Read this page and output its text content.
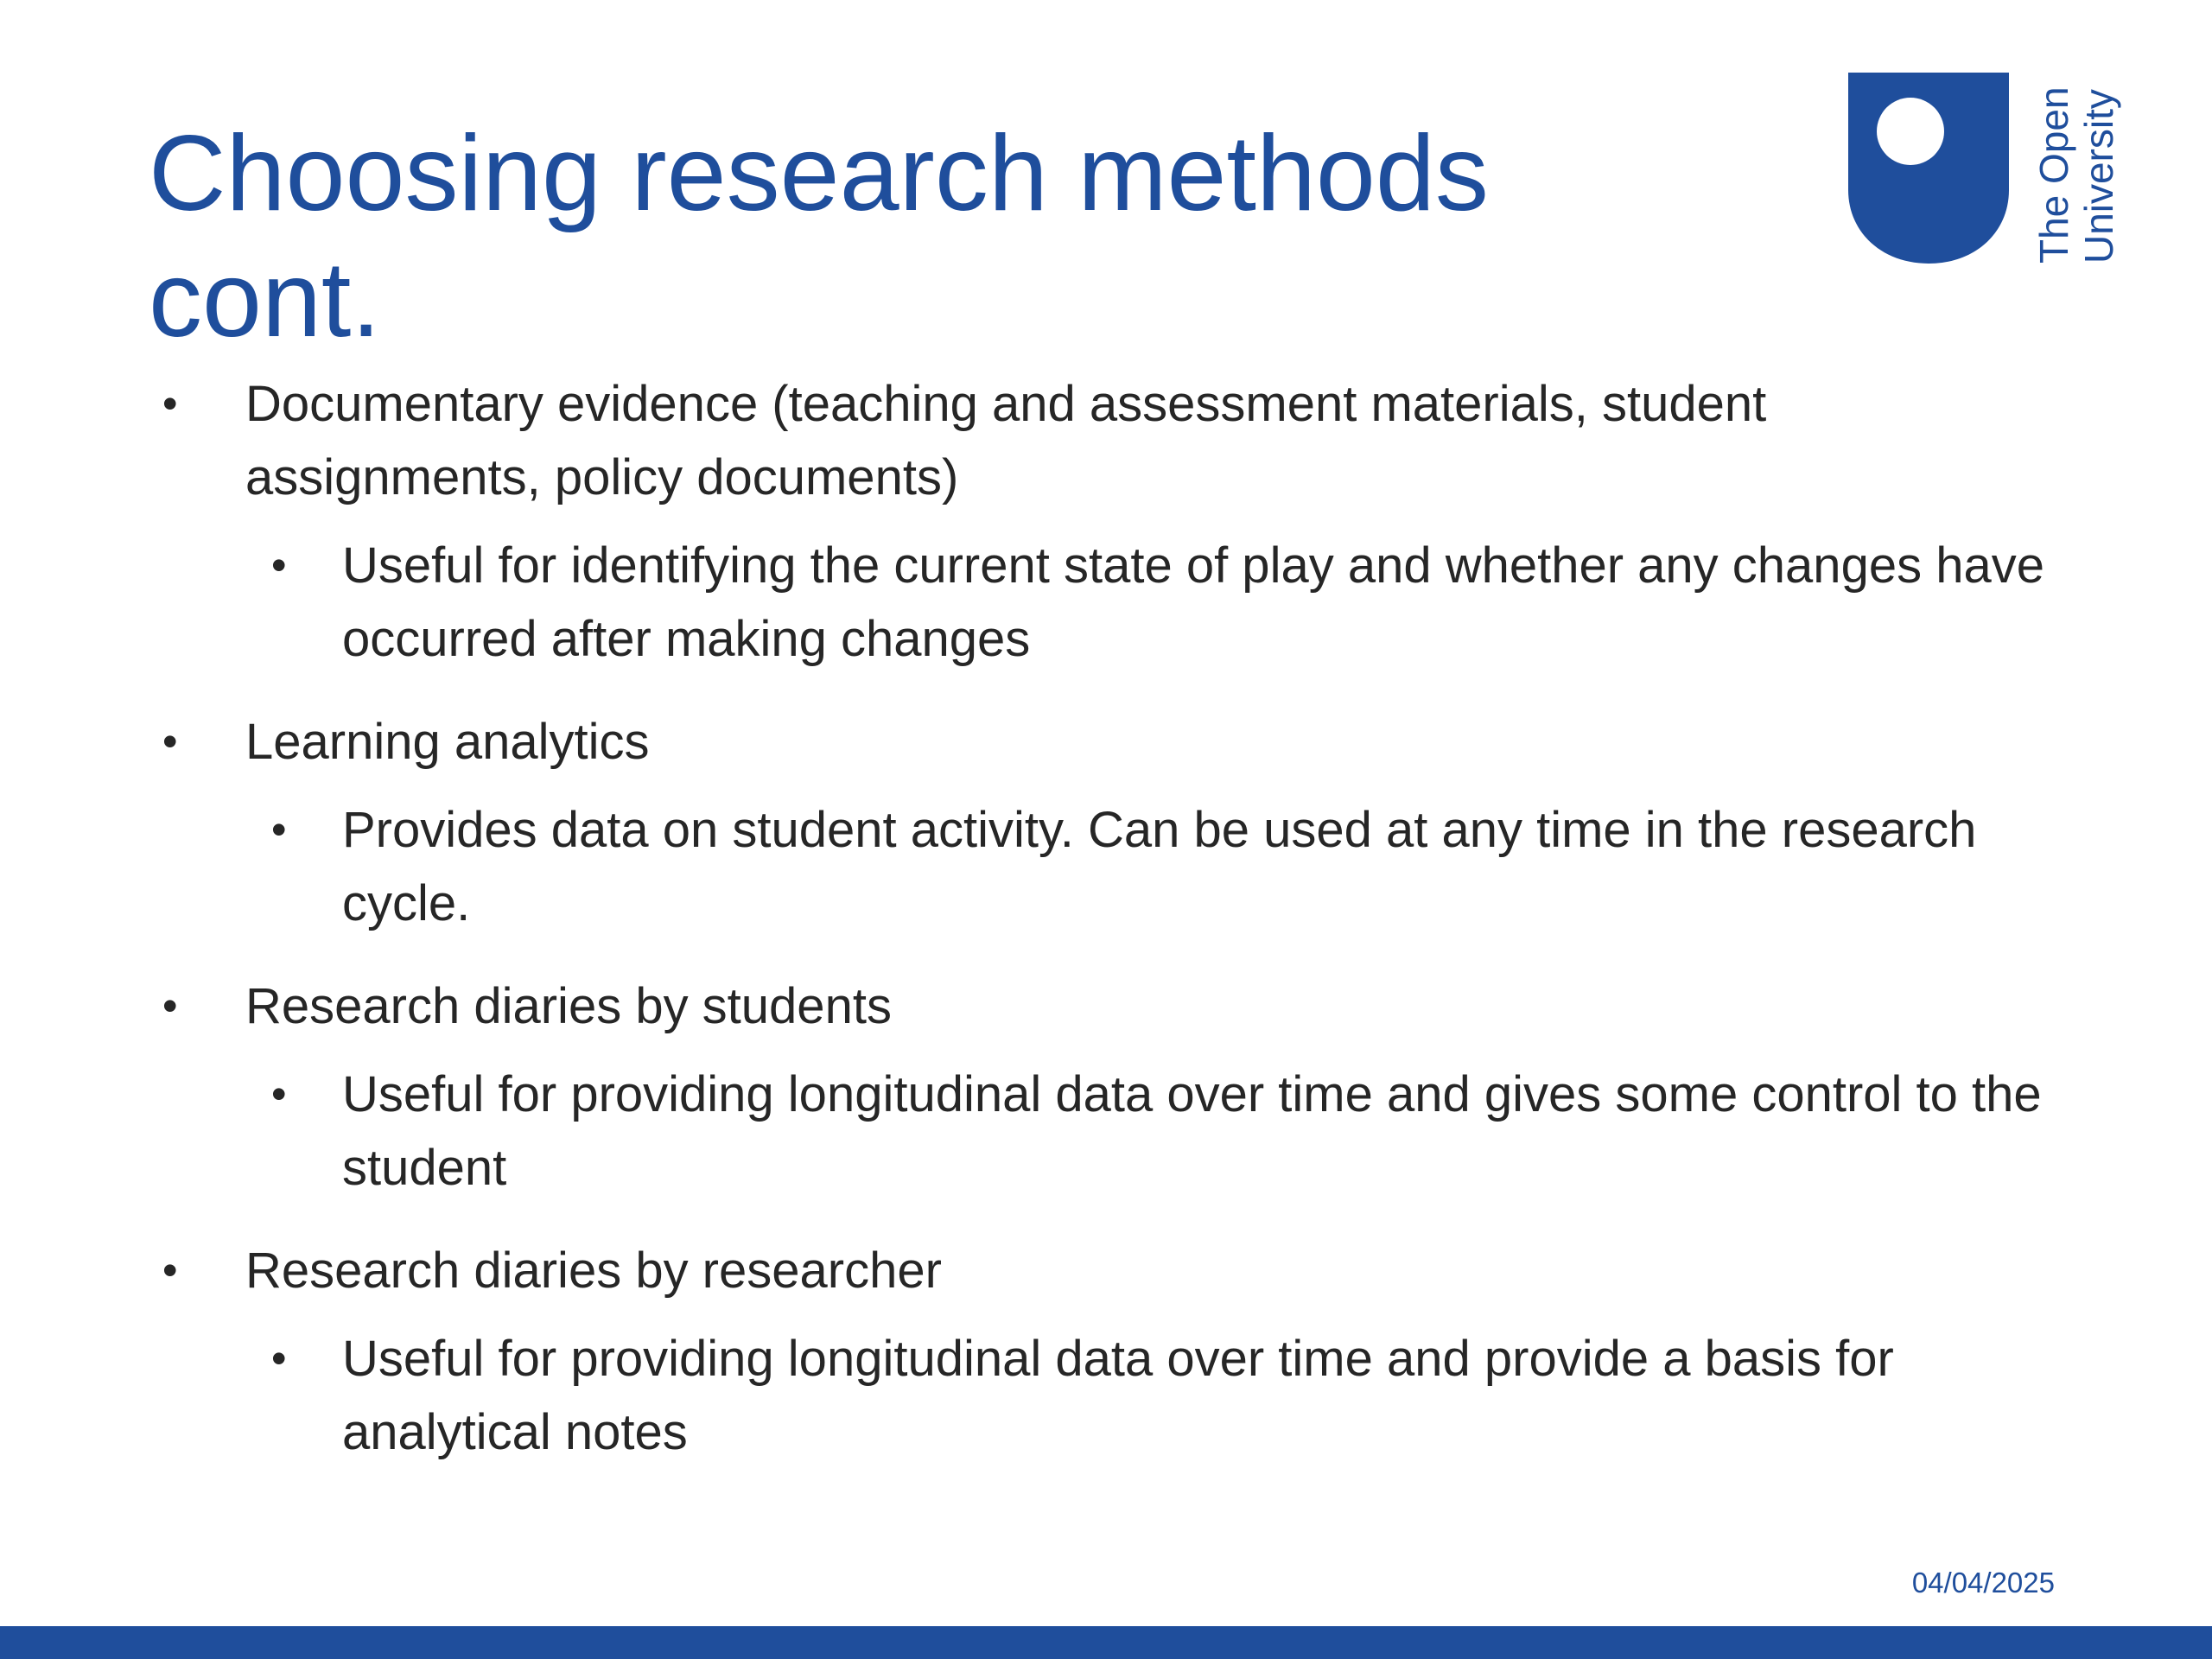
Choosing research methods
cont.
The Open University
• Documentary evidence (teaching and assessment materials, student assignments, policy documents)
• Useful for identifying the current state of play and whether any changes have occurred after making changes
• Learning analytics
• Provides data on student activity. Can be used at any time in the research cycle.
• Research diaries by students
• Useful for providing longitudinal data over time and gives some control to the student
• Research diaries by researcher
• Useful for providing longitudinal data over time and provide a basis for analytical notes
04/04/2025
